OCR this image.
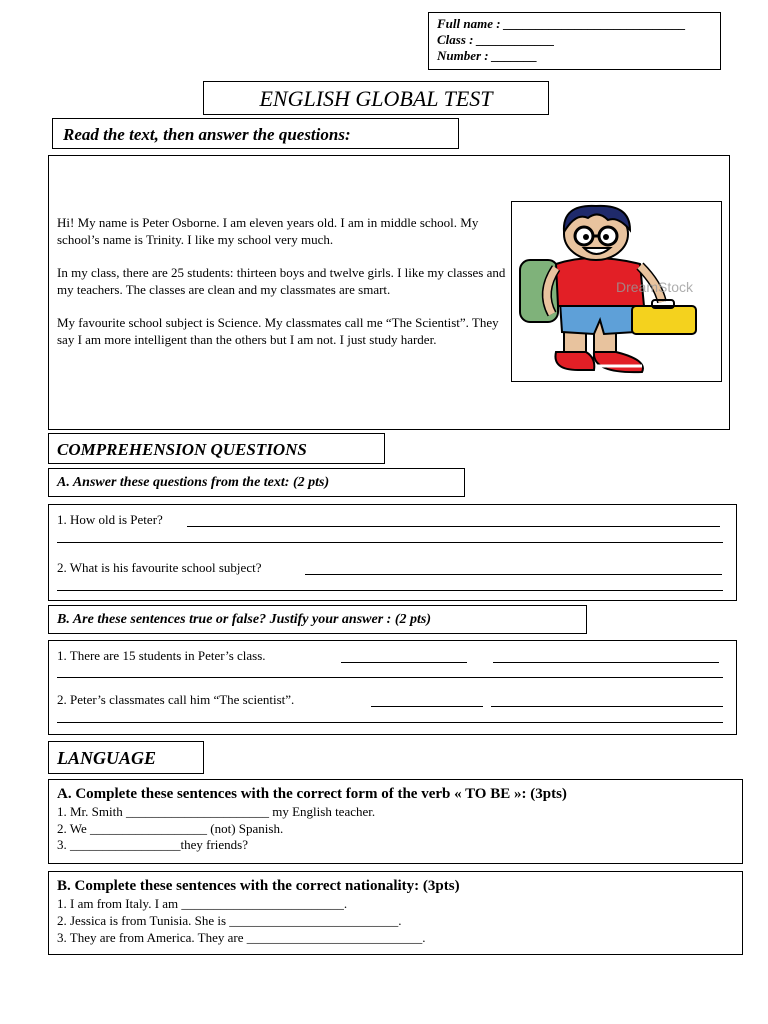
Full name : ____________________________
Class : ____________
Number : _______
ENGLISH GLOBAL TEST
Read the text, then answer the questions:

Hi! My name is Peter Osborne. I am eleven years old. I am in middle school. My school’s name is Trinity. I like my school very much.

In my class, there are 25 students: thirteen boys and twelve girls. I like my classes and my teachers. The classes are clean and my classmates are smart.

My favourite school subject is Science. My classmates call me “The Scientist”. They say I am more intelligent than the others but I am not. I just study harder.

DreamStock
COMPREHENSION QUESTIONS
A. Answer these questions from the text: (2 pts)
1. How old is Peter?
2. What is his favourite school subject?
B. Are these sentences true or false? Justify your answer : (2 pts)
1. There are 15 students in Peter’s class.
2. Peter’s classmates call him “The scientist”.
LANGUAGE
A. Complete these sentences with the correct form of the verb « TO BE »: (3pts)
1. Mr. Smith ______________________ my English teacher.
2. We __________________ (not) Spanish.
3. _________________they friends?
B. Complete these sentences with the correct nationality: (3pts)
1. I am from Italy. I am _________________________.
2. Jessica is from Tunisia. She is __________________________.
3. They are from America. They are ___________________________.
